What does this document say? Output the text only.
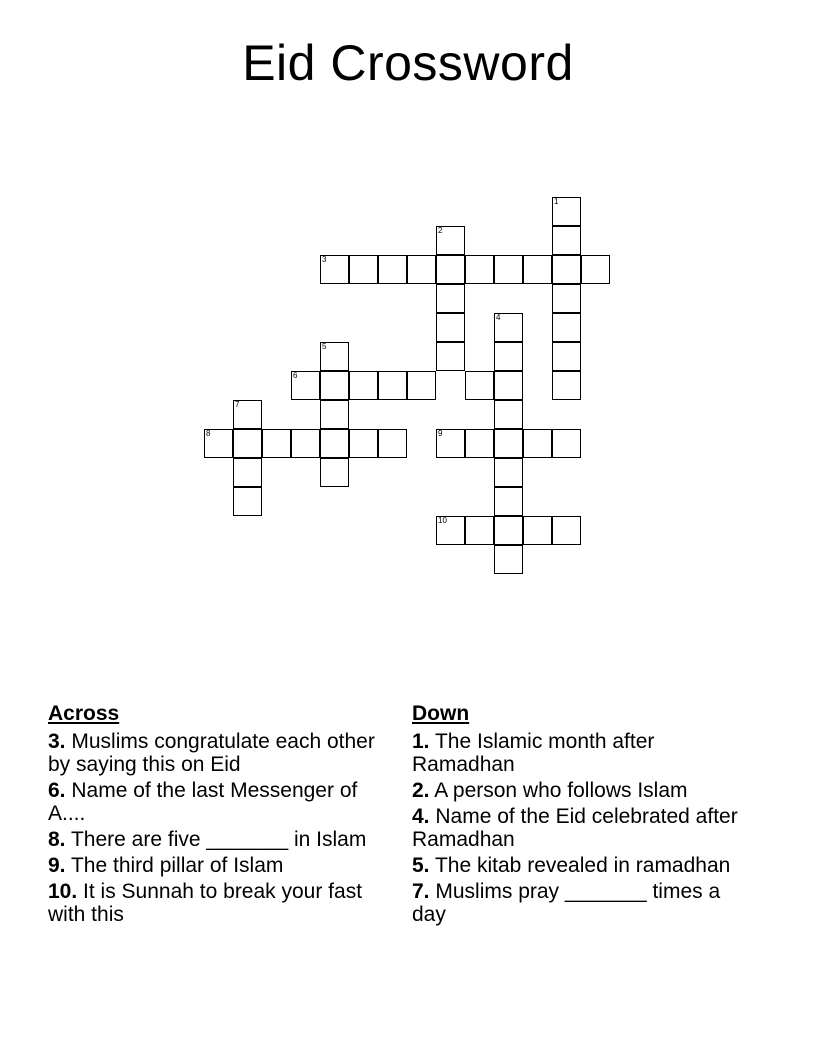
Eid Crossword
1
2
3
4
5
6
7
8	9
10
Across
3. Muslims congratulate each other by saying this on Eid
6. Name of the last Messenger of A....
8. There are five _______ in Islam
9. The third pillar of Islam
10. It is Sunnah to break your fast with this
Down
1. The Islamic month after Ramadhan
2. A person who follows Islam
4. Name of the Eid celebrated after Ramadhan
5. The kitab revealed in ramadhan
7. Muslims pray _______ times a day
